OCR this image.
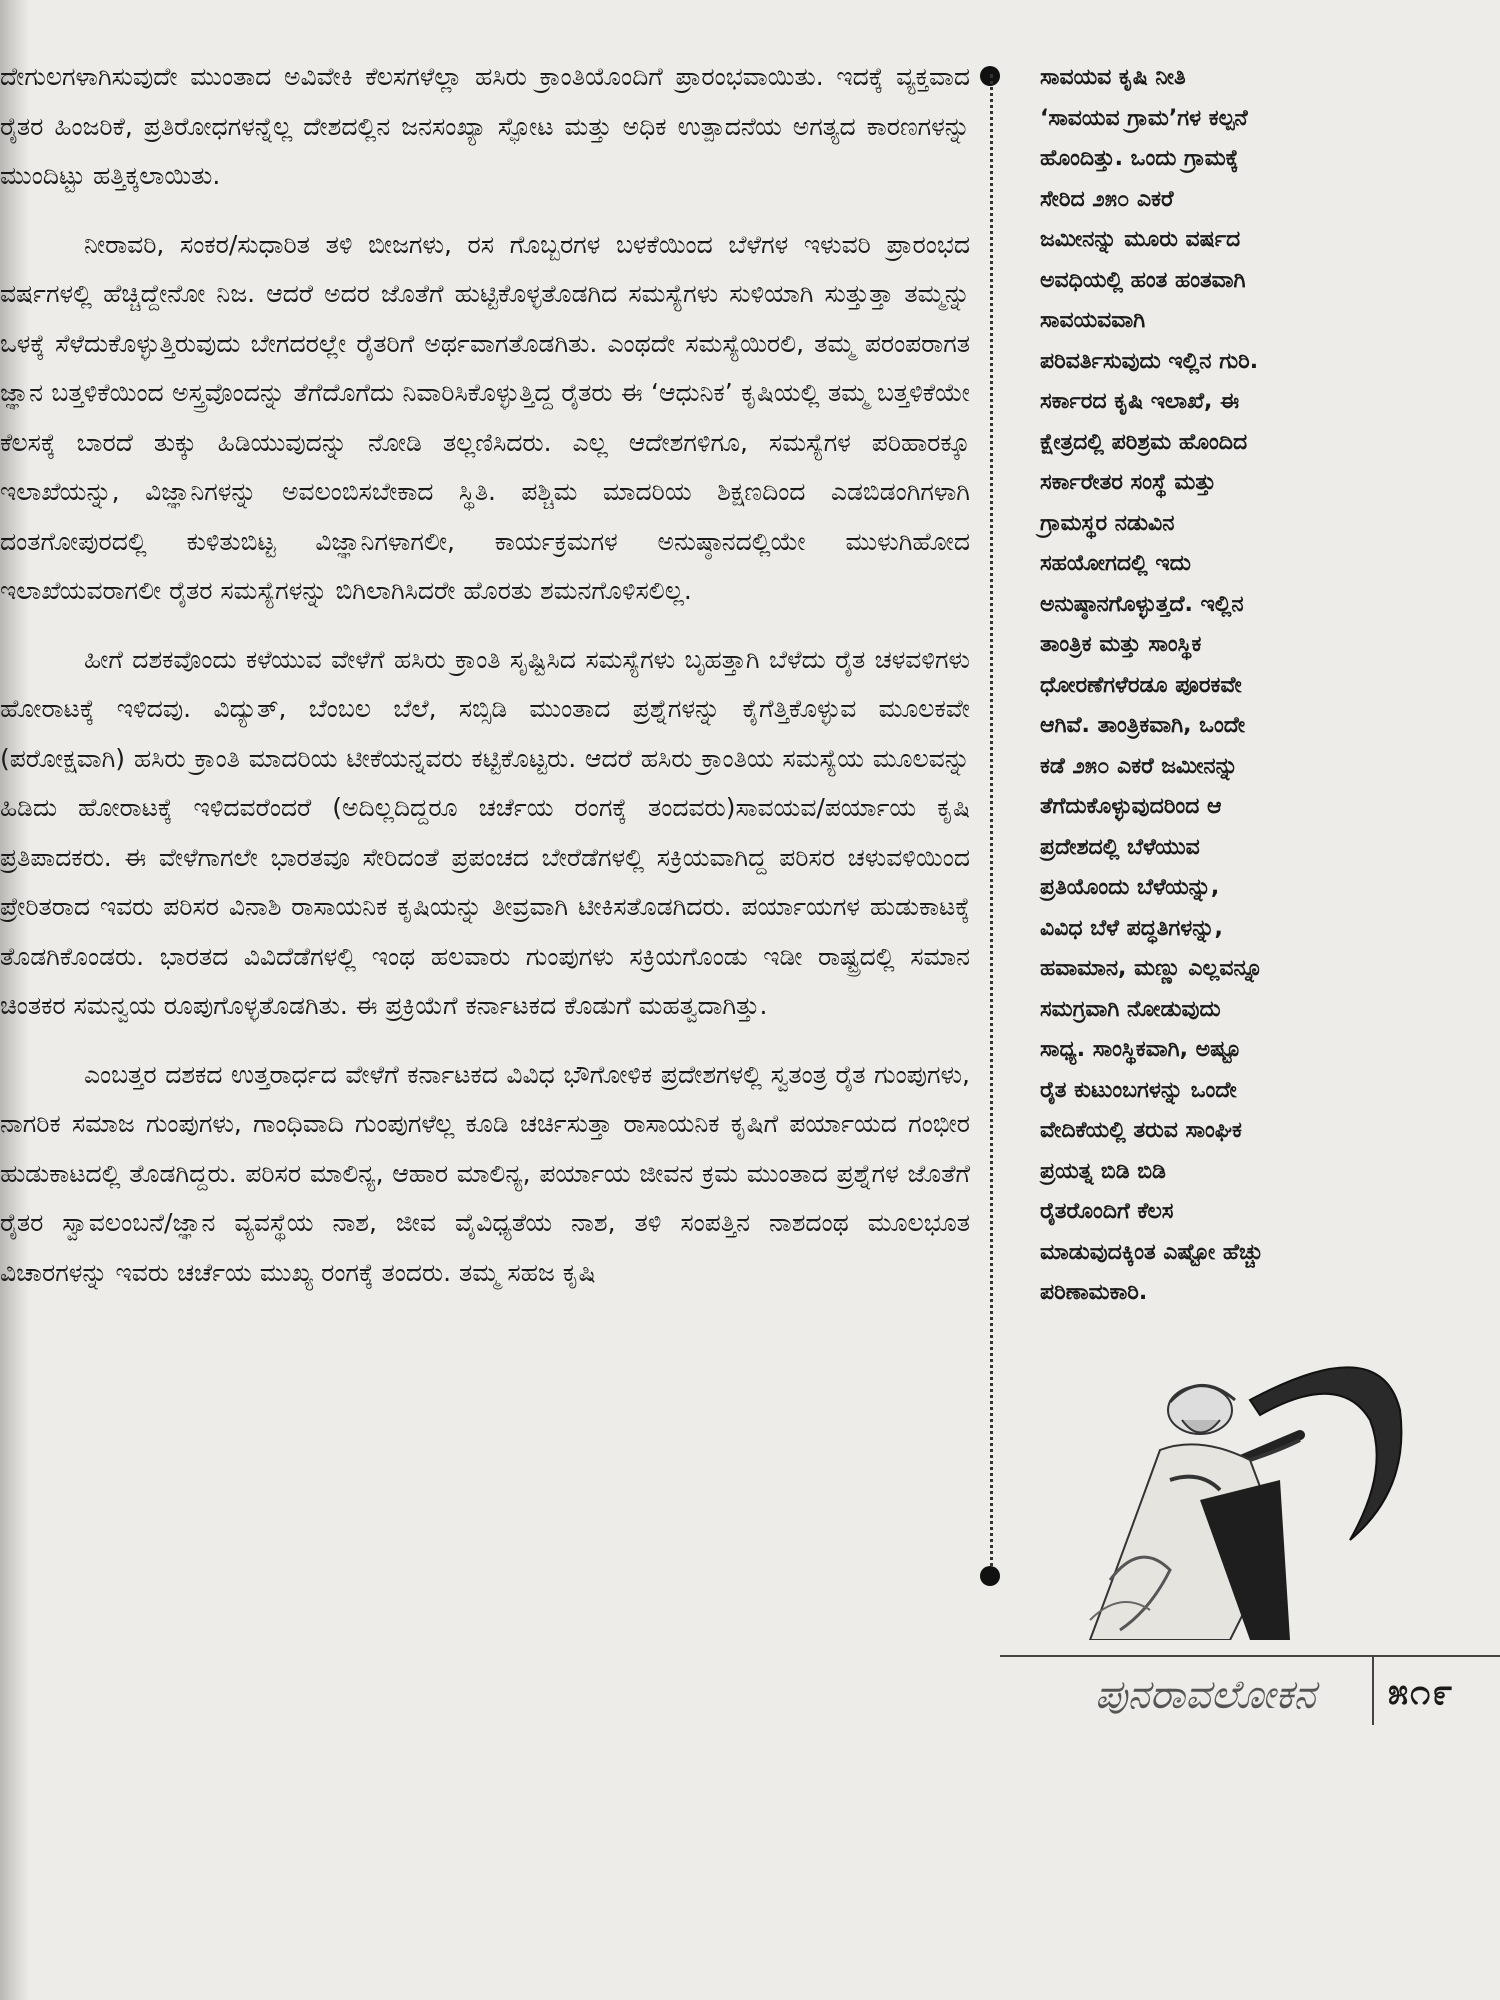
ದೇಗುಲಗಳಾಗಿಸುವುದೇ ಮುಂತಾದ ಅವಿವೇಕಿ ಕೆಲಸಗಳೆಲ್ಲಾ ಹಸಿರು ಕ್ರಾಂತಿಯೊಂದಿಗೆ ಪ್ರಾರಂಭವಾಯಿತು. ಇದಕ್ಕೆ ವ್ಯಕ್ತವಾದ ರೈತರ ಹಿಂಜರಿಕೆ, ಪ್ರತಿರೋಧಗಳನ್ನೆಲ್ಲ ದೇಶದಲ್ಲಿನ ಜನಸಂಖ್ಯಾ ಸ್ಫೋಟ ಮತ್ತು ಅಧಿಕ ಉತ್ಪಾದನೆಯ ಅಗತ್ಯದ ಕಾರಣಗಳನ್ನು ಮುಂದಿಟ್ಟು ಹತ್ತಿಕ್ಕಲಾಯಿತು.

ನೀರಾವರಿ, ಸಂಕರ/ಸುಧಾರಿತ ತಳಿ ಬೀಜಗಳು, ರಸ ಗೊಬ್ಬರಗಳ ಬಳಕೆಯಿಂದ ಬೆಳೆಗಳ ಇಳುವರಿ ಪ್ರಾರಂಭದ ವರ್ಷಗಳಲ್ಲಿ ಹೆಚ್ಚಿದ್ದೇನೋ ನಿಜ. ಆದರೆ ಅದರ ಜೊತೆಗೆ ಹುಟ್ಟಿಕೊಳ್ಳತೊಡಗಿದ ಸಮಸ್ಯೆಗಳು ಸುಳಿಯಾಗಿ ಸುತ್ತುತ್ತಾ ತಮ್ಮನ್ನು ಒಳಕ್ಕೆ ಸೆಳೆದುಕೊಳ್ಳುತ್ತಿರುವುದು ಬೇಗದರಲ್ಲೇ ರೈತರಿಗೆ ಅರ್ಥವಾಗತೊಡಗಿತು. ಎಂಥದೇ ಸಮಸ್ಯೆಯಿರಲಿ, ತಮ್ಮ ಪರಂಪರಾಗತ ಜ್ಞಾನ ಬತ್ತಳಿಕೆಯಿಂದ ಅಸ್ತ್ರವೊಂದನ್ನು ತೆಗೆದೊಗೆದು ನಿವಾರಿಸಿಕೊಳ್ಳುತ್ತಿದ್ದ ರೈತರು ಈ ‘ಆಧುನಿಕ’ ಕೃಷಿಯಲ್ಲಿ ತಮ್ಮ ಬತ್ತಳಿಕೆಯೇ ಕೆಲಸಕ್ಕೆ ಬಾರದೆ ತುಕ್ಕು ಹಿಡಿಯುವುದನ್ನು ನೋಡಿ ತಲ್ಲಣಿಸಿದರು. ಎಲ್ಲ ಆದೇಶಗಳಿಗೂ, ಸಮಸ್ಯೆಗಳ ಪರಿಹಾರಕ್ಕೂ ಇಲಾಖೆಯನ್ನು, ವಿಜ್ಞಾನಿಗಳನ್ನು ಅವಲಂಬಿಸಬೇಕಾದ ಸ್ಥಿತಿ. ಪಶ್ಚಿಮ ಮಾದರಿಯ ಶಿಕ್ಷಣದಿಂದ ಎಡಬಿಡಂಗಿಗಳಾಗಿ ದಂತಗೋಪುರದಲ್ಲಿ ಕುಳಿತುಬಿಟ್ಟ ವಿಜ್ಞಾನಿಗಳಾಗಲೀ, ಕಾರ್ಯಕ್ರಮಗಳ ಅನುಷ್ಠಾನದಲ್ಲಿಯೇ ಮುಳುಗಿಹೋದ ಇಲಾಖೆಯವರಾಗಲೀ ರೈತರ ಸಮಸ್ಯೆಗಳನ್ನು ಬಿಗಿಲಾಗಿಸಿದರೇ ಹೊರತು ಶಮನಗೊಳಿಸಲಿಲ್ಲ.

ಹೀಗೆ ದಶಕವೊಂದು ಕಳೆಯುವ ವೇಳೆಗೆ ಹಸಿರು ಕ್ರಾಂತಿ ಸೃಷ್ಟಿಸಿದ ಸಮಸ್ಯೆಗಳು ಬೃಹತ್ತಾಗಿ ಬೆಳೆದು ರೈತ ಚಳವಳಿಗಳು ಹೋರಾಟಕ್ಕೆ ಇಳಿದವು. ವಿದ್ಯುತ್, ಬೆಂಬಲ ಬೆಲೆ, ಸಬ್ಸಿಡಿ ಮುಂತಾದ ಪ್ರಶ್ನೆಗಳನ್ನು ಕೈಗೆತ್ತಿಕೊಳ್ಳುವ ಮೂಲಕವೇ (ಪರೋಕ್ಷವಾಗಿ) ಹಸಿರು ಕ್ರಾಂತಿ ಮಾದರಿಯ ಟೀಕೆಯನ್ನವರು ಕಟ್ಟಿಕೊಟ್ಟರು. ಆದರೆ ಹಸಿರು ಕ್ರಾಂತಿಯ ಸಮಸ್ಯೆಯ ಮೂಲವನ್ನು ಹಿಡಿದು ಹೋರಾಟಕ್ಕೆ ಇಳಿದವರೆಂದರೆ (ಅದಿಲ್ಲದಿದ್ದರೂ ಚರ್ಚೆಯ ರಂಗಕ್ಕೆ ತಂದವರು)ಸಾವಯವ/ಪರ್ಯಾಯ ಕೃಷಿ ಪ್ರತಿಪಾದಕರು. ಈ ವೇಳೆಗಾಗಲೇ ಭಾರತವೂ ಸೇರಿದಂತೆ ಪ್ರಪಂಚದ ಬೇರೆಡೆಗಳಲ್ಲಿ ಸಕ್ರಿಯವಾಗಿದ್ದ ಪರಿಸರ ಚಳುವಳಿಯಿಂದ ಪ್ರೇರಿತರಾದ ಇವರು ಪರಿಸರ ವಿನಾಶಿ ರಾಸಾಯನಿಕ ಕೃಷಿಯನ್ನು ತೀವ್ರವಾಗಿ ಟೀಕಿಸತೊಡಗಿದರು. ಪರ್ಯಾಯಗಳ ಹುಡುಕಾಟಕ್ಕೆ ತೊಡಗಿಕೊಂಡರು. ಭಾರತದ ವಿವಿದೆಡೆಗಳಲ್ಲಿ ಇಂಥ ಹಲವಾರು ಗುಂಪುಗಳು ಸಕ್ರಿಯಗೊಂಡು ಇಡೀ ರಾಷ್ಟ್ರದಲ್ಲಿ ಸಮಾನ ಚಿಂತಕರ ಸಮನ್ವಯ ರೂಪುಗೊಳ್ಳತೊಡಗಿತು. ಈ ಪ್ರಕ್ರಿಯೆಗೆ ಕರ್ನಾಟಕದ ಕೊಡುಗೆ ಮಹತ್ವದಾಗಿತ್ತು.

ಎಂಬತ್ತರ ದಶಕದ ಉತ್ತರಾರ್ಧದ ವೇಳೆಗೆ ಕರ್ನಾಟಕದ ವಿವಿಧ ಭೌಗೋಳಿಕ ಪ್ರದೇಶಗಳಲ್ಲಿ ಸ್ವತಂತ್ರ ರೈತ ಗುಂಪುಗಳು, ನಾಗರಿಕ ಸಮಾಜ ಗುಂಪುಗಳು, ಗಾಂಧಿವಾದಿ ಗುಂಪುಗಳೆಲ್ಲ ಕೂಡಿ ಚರ್ಚಿಸುತ್ತಾ ರಾಸಾಯನಿಕ ಕೃಷಿಗೆ ಪರ್ಯಾಯದ ಗಂಭೀರ ಹುಡುಕಾಟದಲ್ಲಿ ತೊಡಗಿದ್ದರು. ಪರಿಸರ ಮಾಲಿನ್ಯ, ಆಹಾರ ಮಾಲಿನ್ಯ, ಪರ್ಯಾಯ ಜೀವನ ಕ್ರಮ ಮುಂತಾದ ಪ್ರಶ್ನೆಗಳ ಜೊತೆಗೆ ರೈತರ ಸ್ವಾವಲಂಬನೆ/ಜ್ಞಾನ ವ್ಯವಸ್ಥೆಯ ನಾಶ, ಜೀವ ವೈವಿಧ್ಯತೆಯ ನಾಶ, ತಳಿ ಸಂಪತ್ತಿನ ನಾಶದಂಥ ಮೂಲಭೂತ ವಿಚಾರಗಳನ್ನು ಇವರು ಚರ್ಚೆಯ ಮುಖ್ಯ ರಂಗಕ್ಕೆ ತಂದರು. ತಮ್ಮ ಸಹಜ ಕೃಷಿ

ಸಾವಯವ ಕೃಷಿ ನೀತಿ
‘ಸಾವಯವ ಗ್ರಾಮ’ಗಳ ಕಲ್ಪನೆ
ಹೊಂದಿತ್ತು. ಒಂದು ಗ್ರಾಮಕ್ಕೆ
ಸೇರಿದ ೨೫೦ ಎಕರೆ
ಜಮೀನನ್ನು ಮೂರು ವರ್ಷದ
ಅವಧಿಯಲ್ಲಿ ಹಂತ ಹಂತವಾಗಿ
ಸಾವಯವವಾಗಿ
ಪರಿವರ್ತಿಸುವುದು ಇಲ್ಲಿನ ಗುರಿ.
ಸರ್ಕಾರದ ಕೃಷಿ ಇಲಾಖೆ, ಈ
ಕ್ಷೇತ್ರದಲ್ಲಿ ಪರಿಶ್ರಮ ಹೊಂದಿದ
ಸರ್ಕಾರೇತರ ಸಂಸ್ಥೆ ಮತ್ತು
ಗ್ರಾಮಸ್ಥರ ನಡುವಿನ
ಸಹಯೋಗದಲ್ಲಿ ಇದು
ಅನುಷ್ಠಾನಗೊಳ್ಳುತ್ತದೆ. ಇಲ್ಲಿನ
ತಾಂತ್ರಿಕ ಮತ್ತು ಸಾಂಸ್ಥಿಕ
ಧೋರಣೆಗಳೆರಡೂ ಪೂರಕವೇ
ಆಗಿವೆ. ತಾಂತ್ರಿಕವಾಗಿ, ಒಂದೇ
ಕಡೆ ೨೫೦ ಎಕರೆ ಜಮೀನನ್ನು
ತೆಗೆದುಕೊಳ್ಳುವುದರಿಂದ ಆ
ಪ್ರದೇಶದಲ್ಲಿ ಬೆಳೆಯುವ
ಪ್ರತಿಯೊಂದು ಬೆಳೆಯನ್ನು,
ವಿವಿಧ ಬೆಳೆ ಪದ್ಧತಿಗಳನ್ನು,
ಹವಾಮಾನ, ಮಣ್ಣು ಎಲ್ಲವನ್ನೂ
ಸಮಗ್ರವಾಗಿ ನೋಡುವುದು
ಸಾಧ್ಯ. ಸಾಂಸ್ಥಿಕವಾಗಿ, ಅಷ್ಟೂ
ರೈತ ಕುಟುಂಬಗಳನ್ನು ಒಂದೇ
ವೇದಿಕೆಯಲ್ಲಿ ತರುವ ಸಾಂಘಿಕ
ಪ್ರಯತ್ನ ಬಿಡಿ ಬಿಡಿ
ರೈತರೊಂದಿಗೆ ಕೆಲಸ
ಮಾಡುವುದಕ್ಕಿಂತ ಎಷ್ಟೋ ಹೆಚ್ಚು
ಪರಿಣಾಮಕಾರಿ.
ಪುನರಾವಲೋಕನ ೫೧೯
